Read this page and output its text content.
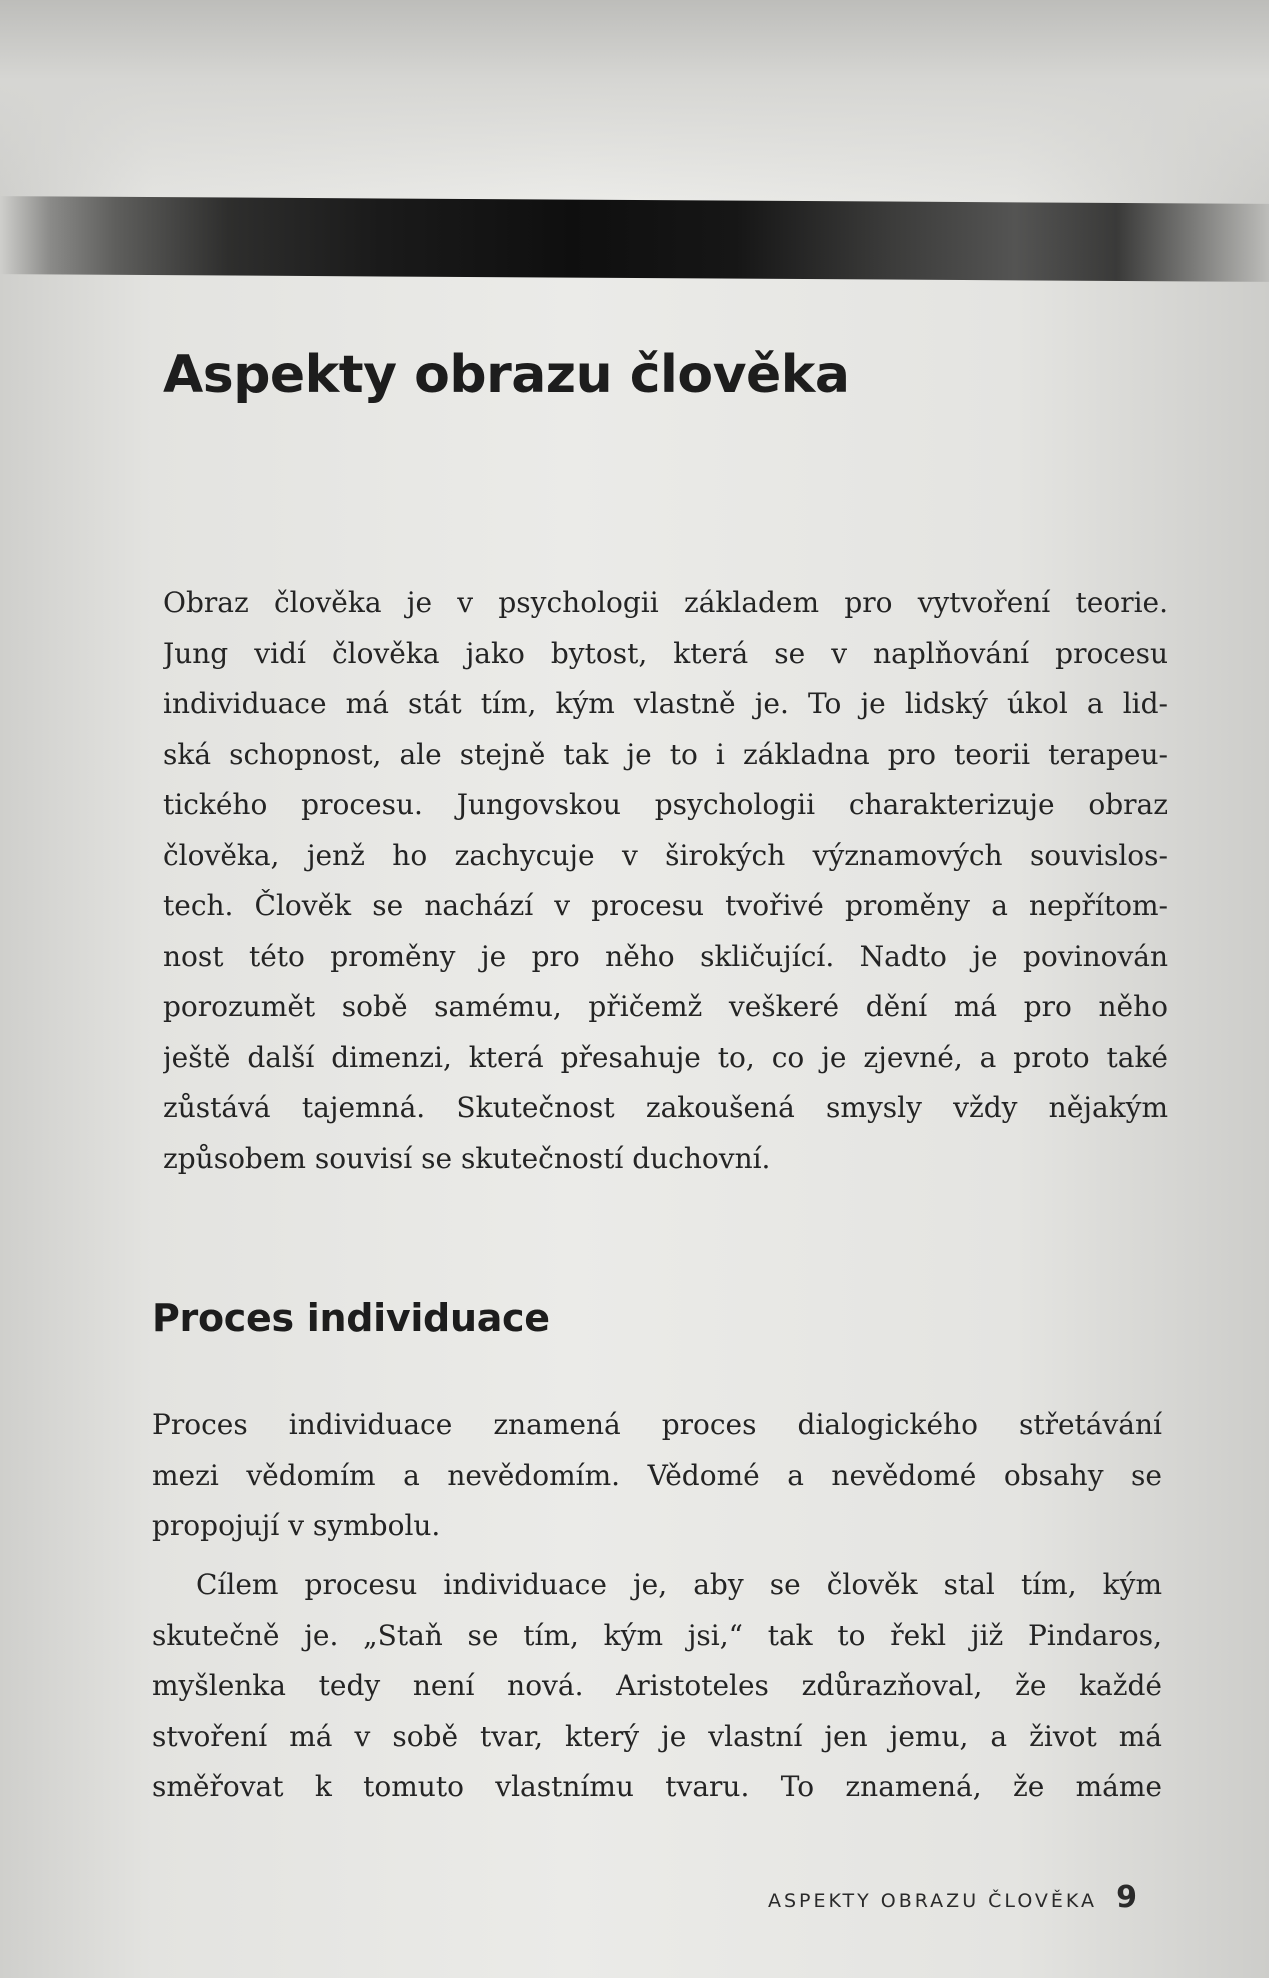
Aspekty obrazu člověka
Obraz člověka je v psychologii základem pro vytvoření teorie.
Jung vidí člověka jako bytost, která se v naplňování procesu
individuace má stát tím, kým vlastně je. To je lidský úkol a lid-
ská schopnost, ale stejně tak je to i základna pro teorii terapeu-
tického procesu. Jungovskou psychologii charakterizuje obraz
člověka, jenž ho zachycuje v širokých významových souvislos-
tech. Člověk se nachází v procesu tvořivé proměny a nepřítom-
nost této proměny je pro něho skličující. Nadto je povinován
porozumět sobě samému, přičemž veškeré dění má pro něho
ještě další dimenzi, která přesahuje to, co je zjevné, a proto také
zůstává tajemná. Skutečnost zakoušená smysly vždy nějakým
způsobem souvisí se skutečností duchovní.
Proces individuace
Proces individuace znamená proces dialogického střetávání
mezi vědomím a nevědomím. Vědomé a nevědomé obsahy se
propojují v symbolu.
Cílem procesu individuace je, aby se člověk stal tím, kým
skutečně je. „Staň se tím, kým jsi,“ tak to řekl již Pindaros,
myšlenka tedy není nová. Aristoteles zdůrazňoval, že každé
stvoření má v sobě tvar, který je vlastní jen jemu, a život má
směřovat k tomuto vlastnímu tvaru. To znamená, že máme
ASPEKTY OBRAZU ČLOVĚKA 9
